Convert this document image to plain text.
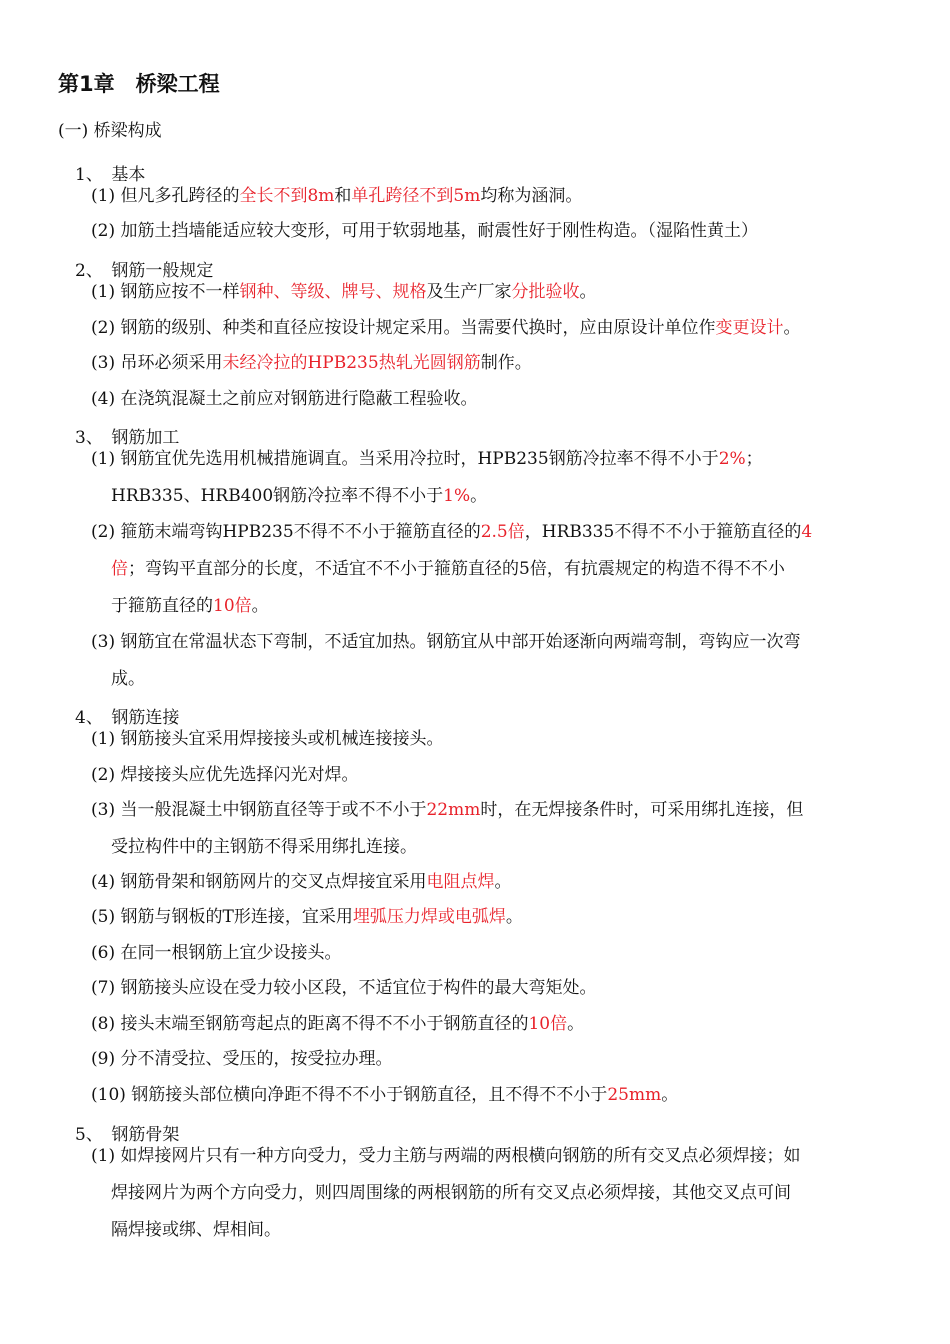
第1章　桥梁工程
(一) 桥梁构成
1、　基本
(1) 但凡多孔跨径的全长不到8m和单孔跨径不到5m均称为涵洞。
(2) 加筋土挡墙能适应较大变形，可用于软弱地基，耐震性好于刚性构造。（湿陷性黄土）
2、　钢筋一般规定
(1) 钢筋应按不一样钢种、等级、牌号、规格及生产厂家分批验收。
(2) 钢筋的级别、种类和直径应按设计规定采用。当需要代换时，应由原设计单位作变更设计。
(3) 吊环必须采用未经冷拉的HPB235热轧光圆钢筋制作。
(4) 在浇筑混凝土之前应对钢筋进行隐蔽工程验收。
3、　钢筋加工
(1) 钢筋宜优先选用机械措施调直。当采用冷拉时，HPB235钢筋冷拉率不得不小于2%；
HRB335、HRB400钢筋冷拉率不得不小于1%。
(2) 箍筋末端弯钩HPB235不得不不小于箍筋直径的2.5倍，HRB335不得不不小于箍筋直径的4
倍；弯钩平直部分的长度，不适宜不不小于箍筋直径的5倍，有抗震规定的构造不得不不小
于箍筋直径的10倍。
(3) 钢筋宜在常温状态下弯制，不适宜加热。钢筋宜从中部开始逐渐向两端弯制，弯钩应一次弯
成。
4、　钢筋连接
(1) 钢筋接头宜采用焊接接头或机械连接接头。
(2) 焊接接头应优先选择闪光对焊。
(3) 当一般混凝土中钢筋直径等于或不不小于22mm时，在无焊接条件时，可采用绑扎连接，但
受拉构件中的主钢筋不得采用绑扎连接。
(4) 钢筋骨架和钢筋网片的交叉点焊接宜采用电阻点焊。
(5) 钢筋与钢板的T形连接，宜采用埋弧压力焊或电弧焊。
(6) 在同一根钢筋上宜少设接头。
(7) 钢筋接头应设在受力较小区段，不适宜位于构件的最大弯矩处。
(8) 接头末端至钢筋弯起点的距离不得不不小于钢筋直径的10倍。
(9) 分不清受拉、受压的，按受拉办理。
(10) 钢筋接头部位横向净距不得不不小于钢筋直径，且不得不不小于25mm。
5、　钢筋骨架
(1) 如焊接网片只有一种方向受力，受力主筋与两端的两根横向钢筋的所有交叉点必须焊接；如
焊接网片为两个方向受力，则四周围缘的两根钢筋的所有交叉点必须焊接，其他交叉点可间
隔焊接或绑、焊相间。
